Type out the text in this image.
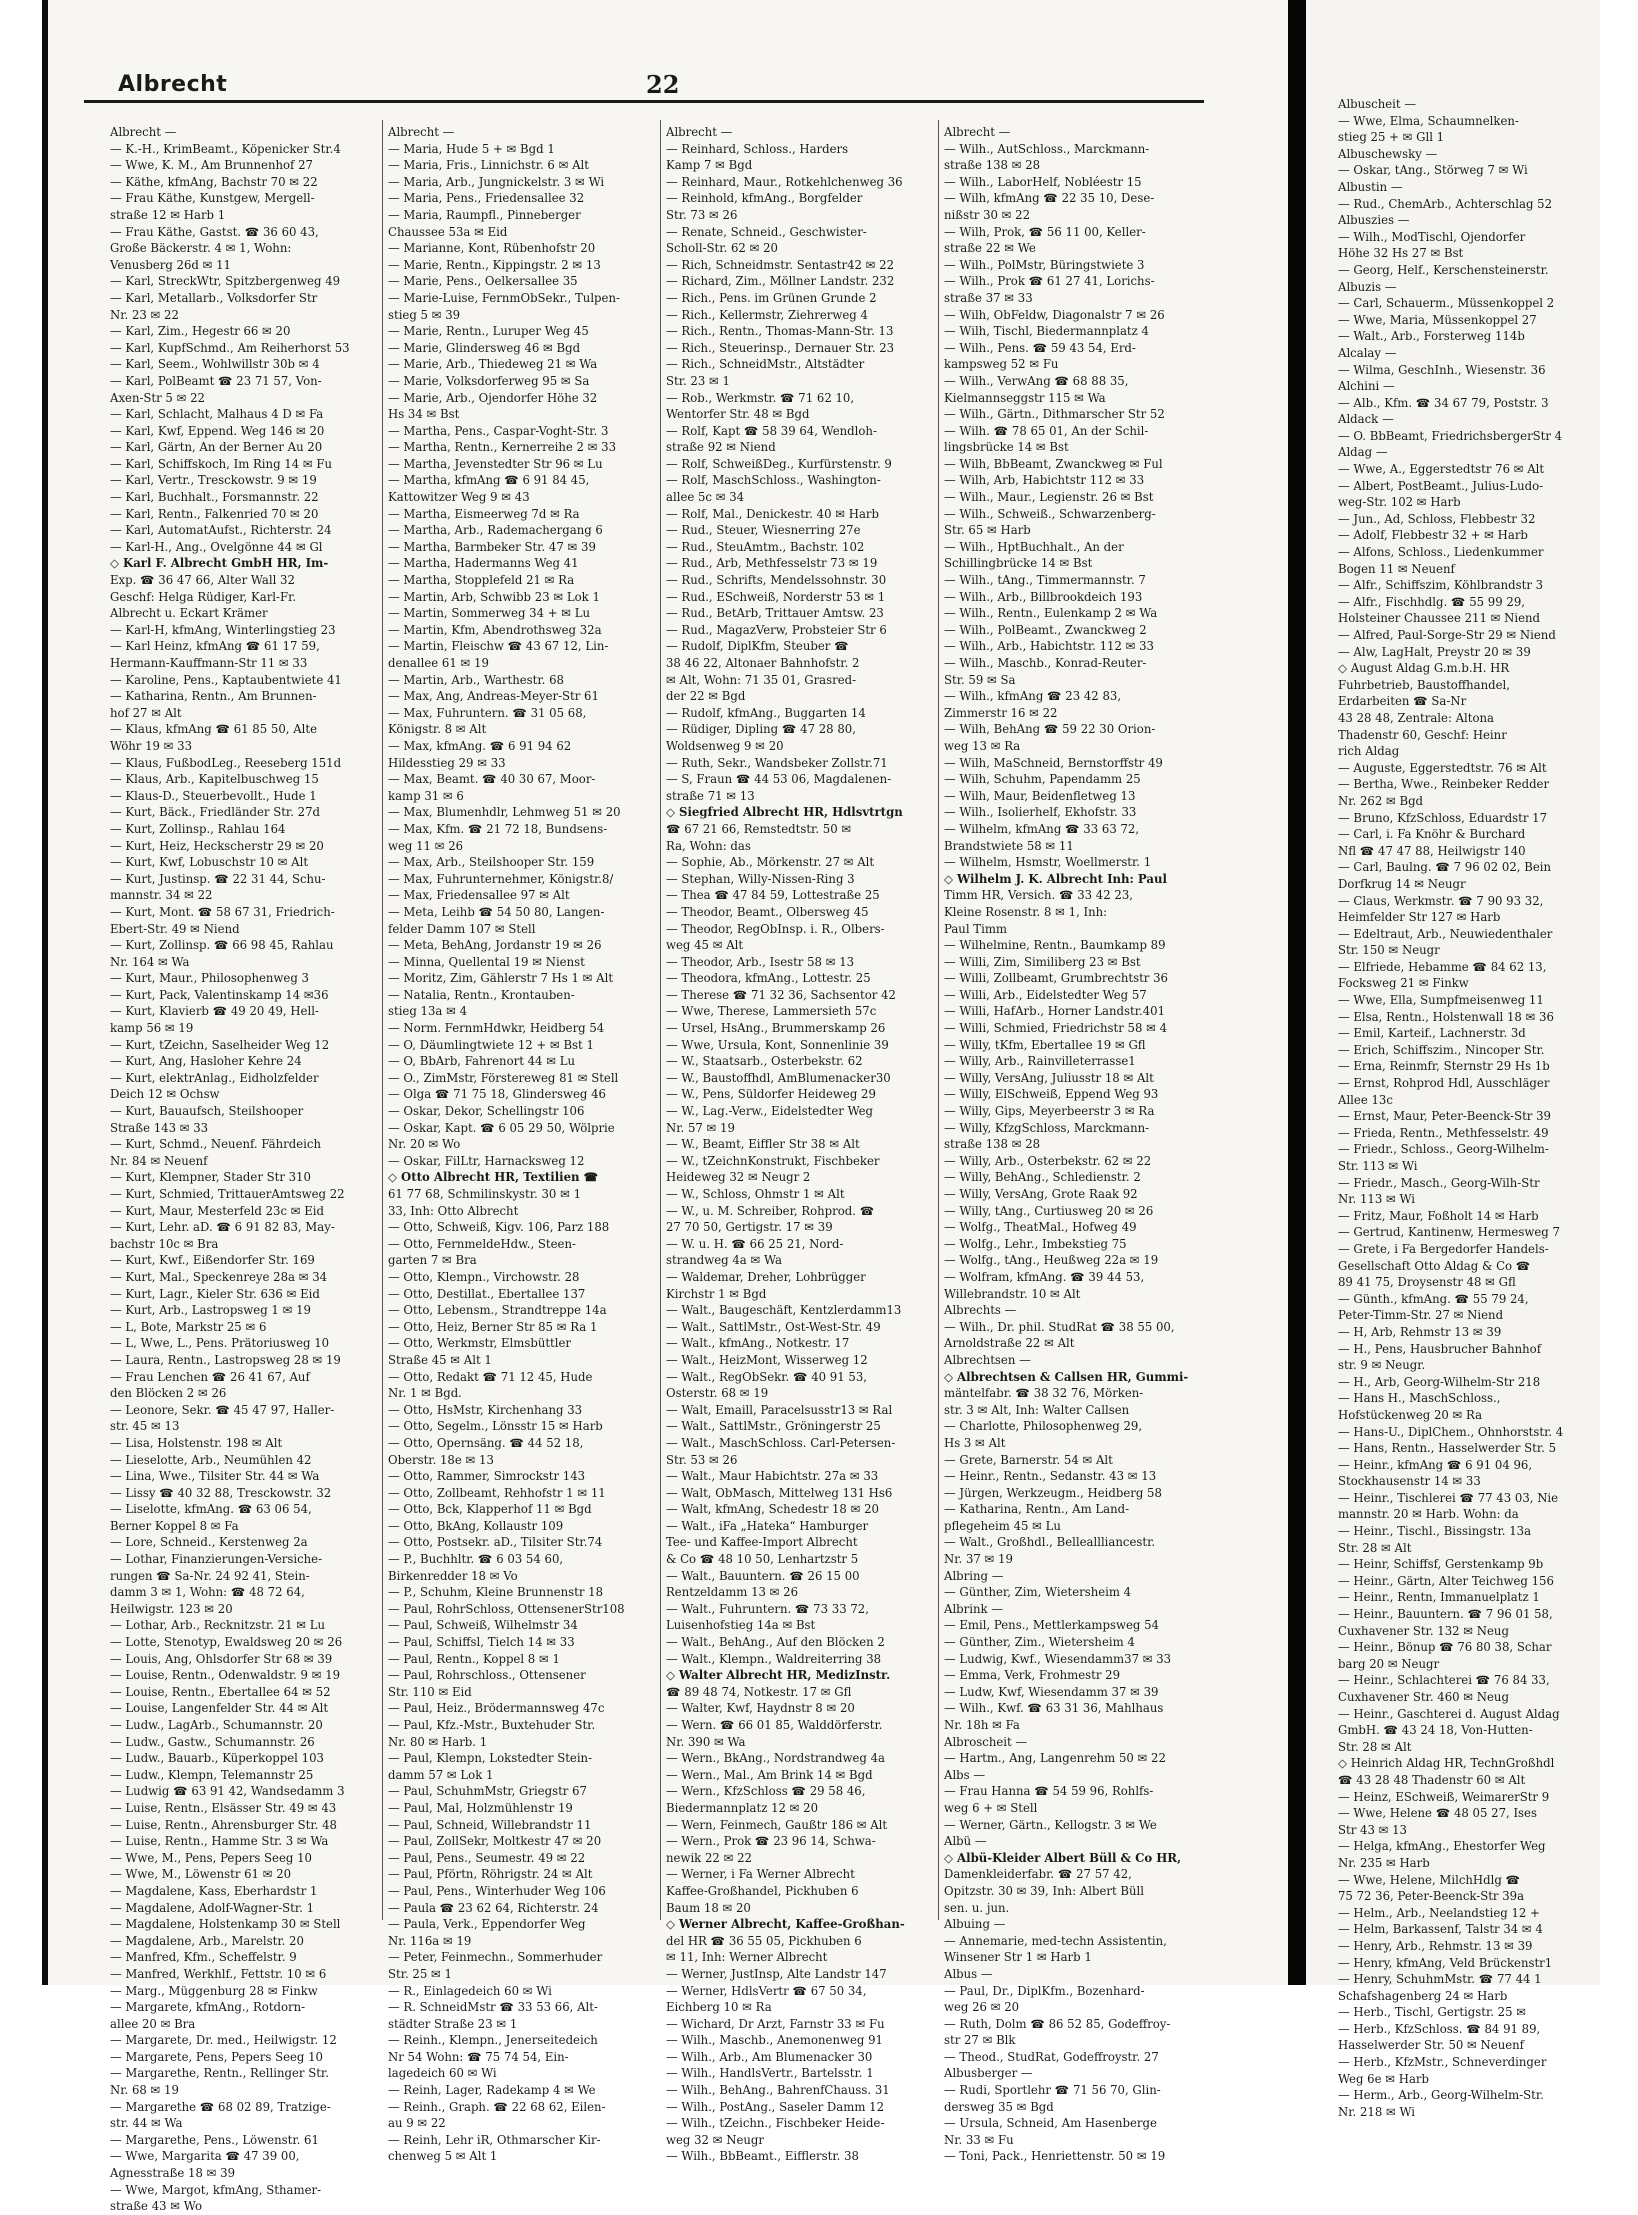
Albuscheit —
— Wwe, Elma, Schaumnelken-
stieg 25 + ✉ Gll 1
Albuschewsky —
— Oskar, tAng., Störweg 7 ✉ Wi
Albustin —
— Rud., ChemArb., Achterschlag 52
Albuszies —
— Wilh., ModTischl, Ojendorfer
Höhe 32 Hs 27 ✉ Bst
— Georg, Helf., Kerschensteinerstr.
Albuzis —
— Carl, Schauerm., Müssenkoppel 2
— Wwe, Maria, Müssenkoppel 27
— Walt., Arb., Forsterweg 114b
Alcalay —
— Wilma, GeschInh., Wiesenstr. 36
Alchini —
— Alb., Kfm. ☎ 34 67 79, Poststr. 3
Aldack —
— O. BbBeamt, FriedrichsbergerStr 4
Aldag —
— Wwe, A., Eggerstedtstr 76 ✉ Alt
— Albert, PostBeamt., Julius-Ludo-
weg-Str. 102 ✉ Harb
— Jun., Ad, Schloss, Flebbestr 32
— Adolf, Flebbestr 32 + ✉ Harb
— Alfons, Schloss., Liedenkummer
Bogen 11 ✉ Neuenf
— Alfr., Schiffszim, Köhlbrandstr 3
— Alfr., Fischhdlg. ☎ 55 99 29,
Holsteiner Chaussee 211 ✉ Niend
— Alfred, Paul-Sorge-Str 29 ✉ Niend
— Alw, LagHalt, Preystr 20 ✉ 39
◇ August Aldag G.m.b.H. HR
Fuhrbetrieb, Baustoffhandel,
Erdarbeiten ☎ Sa-Nr
43 28 48, Zentrale: Altona
Thadenstr 60, Geschf: Heinr
rich Aldag
— Auguste, Eggerstedtstr. 76 ✉ Alt
— Bertha, Wwe., Reinbeker Redder
Nr. 262 ✉ Bgd
— Bruno, KfzSchloss, Eduardstr 17
— Carl, i. Fa Knöhr & Burchard
Nfl ☎ 47 47 88, Heilwigstr 140
— Carl, Baulng. ☎ 7 96 02 02, Bein
Dorfkrug 14 ✉ Neugr
— Claus, Werkmstr. ☎ 7 90 93 32,
Heimfelder Str 127 ✉ Harb
— Edeltraut, Arb., Neuwiedenthaler
Str. 150 ✉ Neugr
— Elfriede, Hebamme ☎ 84 62 13,
Focksweg 21 ✉ Finkw
— Wwe, Ella, Sumpfmeisenweg 11
— Elsa, Rentn., Holstenwall 18 ✉ 36
— Emil, Karteif., Lachnerstr. 3d
— Erich, Schiffszim., Nincoper Str.
— Erna, Reinmfr, Sternstr 29 Hs 1b
— Ernst, Rohprod Hdl, Ausschläger
Allee 13c
— Ernst, Maur, Peter-Beenck-Str 39
— Frieda, Rentn., Methfesselstr. 49
— Friedr., Schloss., Georg-Wilhelm-
Str. 113 ✉ Wi
— Friedr., Masch., Georg-Wilh-Str
Nr. 113 ✉ Wi
— Fritz, Maur, Foßholt 14 ✉ Harb
— Gertrud, Kantinenw, Hermesweg 7
— Grete, i Fa Bergedorfer Handels-
Gesellschaft Otto Aldag & Co ☎
89 41 75, Droysenstr 48 ✉ Gfl
— Günth., kfmAng. ☎ 55 79 24,
Peter-Timm-Str. 27 ✉ Niend
— H, Arb, Rehmstr 13 ✉ 39
— H., Pens, Hausbrucher Bahnhof
str. 9 ✉ Neugr.
— H., Arb, Georg-Wilhelm-Str 218
— Hans H., MaschSchloss.,
Hofstückenweg 20 ✉ Ra
— Hans-U., DiplChem., Ohnhorststr. 4
— Hans, Rentn., Hasselwerder Str. 5
— Heinr., kfmAng ☎ 6 91 04 96,
Stockhausenstr 14 ✉ 33
— Heinr., Tischlerei ☎ 77 43 03, Nie
mannstr. 20 ✉ Harb. Wohn: da
— Heinr., Tischl., Bissingstr. 13a
Str. 28 ✉ Alt
— Heinr, Schiffsf, Gerstenkamp 9b
— Heinr., Gärtn, Alter Teichweg 156
— Heinr., Rentn, Immanuelplatz 1
— Heinr., Bauuntern. ☎ 7 96 01 58,
Cuxhavener Str. 132 ✉ Neug
— Heinr., Bönup ☎ 76 80 38, Schar
barg 20 ✉ Neugr
— Heinr., Schlachterei ☎ 76 84 33,
Cuxhavener Str. 460 ✉ Neug
— Heinr., Gaschterei d. August Aldag
GmbH. ☎ 43 24 18, Von-Hutten-
Str. 28 ✉ Alt
◇ Heinrich Aldag HR, TechnGroßhdl
☎ 43 28 48 Thadenstr 60 ✉ Alt
— Heinz, ESchweiß, WeimarerStr 9
— Wwe, Helene ☎ 48 05 27, Ises
Str 43 ✉ 13
— Helga, kfmAng., Ehestorfer Weg
Nr. 235 ✉ Harb
— Wwe, Helene, MilchHdlg ☎
75 72 36, Peter-Beenck-Str 39a
— Helm., Arb., Neelandstieg 12 +
— Helm, Barkassenf, Talstr 34 ✉ 4
— Henry, Arb., Rehmstr. 13 ✉ 39
— Henry, kfmAng, Veld Brückenstr1
— Henry, SchuhmMstr. ☎ 77 44 1
Schafshagenberg 24 ✉ Harb
— Herb., Tischl, Gertigstr. 25 ✉
— Herb., KfzSchloss. ☎ 84 91 89,
Hasselwerder Str. 50 ✉ Neuenf
— Herb., KfzMstr., Schneverdinger
Weg 6e ✉ Harb
— Herm., Arb., Georg-Wilhelm-Str.
Nr. 218 ✉ Wi
Albrecht	22
Albrecht —
— K.-H., KrimBeamt., Köpenicker Str.4
— Wwe, K. M., Am Brunnenhof 27
— Käthe, kfmAng, Bachstr 70 ✉ 22
— Frau Käthe, Kunstgew, Mergell-
straße 12 ✉ Harb 1
— Frau Käthe, Gastst. ☎ 36 60 43,
Große Bäckerstr. 4 ✉ 1, Wohn:
Venusberg 26d ✉ 11
— Karl, StreckWtr, Spitzbergenweg 49
— Karl, Metallarb., Volksdorfer Str
Nr. 23 ✉ 22
— Karl, Zim., Hegestr 66 ✉ 20
— Karl, KupfSchmd., Am Reiherhorst 53
— Karl, Seem., Wohlwillstr 30b ✉ 4
— Karl, PolBeamt ☎ 23 71 57, Von-
Axen-Str 5 ✉ 22
— Karl, Schlacht, Malhaus 4 D ✉ Fa
— Karl, Kwf, Eppend. Weg 146 ✉ 20
— Karl, Gärtn, An der Berner Au 20
— Karl, Schiffskoch, Im Ring 14 ✉ Fu
— Karl, Vertr., Tresckowstr. 9 ✉ 19
— Karl, Buchhalt., Forsmannstr. 22
— Karl, Rentn., Falkenried 70 ✉ 20
— Karl, AutomatAufst., Richterstr. 24
— Karl-H., Ang., Ovelgönne 44 ✉ Gl
◇ Karl F. Albrecht GmbH HR, Im-
Exp. ☎ 36 47 66, Alter Wall 32
Geschf: Helga Rüdiger, Karl-Fr.
Albrecht u. Eckart Krämer
— Karl-H, kfmAng, Winterlingstieg 23
— Karl Heinz, kfmAng ☎ 61 17 59,
Hermann-Kauffmann-Str 11 ✉ 33
— Karoline, Pens., Kaptaubentwiete 41
— Katharina, Rentn., Am Brunnen-
hof 27 ✉ Alt
— Klaus, kfmAng ☎ 61 85 50, Alte
Wöhr 19 ✉ 33
— Klaus, FußbodLeg., Reeseberg 151d
— Klaus, Arb., Kapitelbuschweg 15
— Klaus-D., Steuerbevollt., Hude 1
— Kurt, Bäck., Friedländer Str. 27d
— Kurt, Zollinsp., Rahlau 164
— Kurt, Heiz, Heckscherstr 29 ✉ 20
— Kurt, Kwf, Lobuschstr 10 ✉ Alt
— Kurt, Justinsp. ☎ 22 31 44, Schu-
mannstr. 34 ✉ 22
— Kurt, Mont. ☎ 58 67 31, Friedrich-
Ebert-Str. 49 ✉ Niend
— Kurt, Zollinsp. ☎ 66 98 45, Rahlau
Nr. 164 ✉ Wa
— Kurt, Maur., Philosophenweg 3
— Kurt, Pack, Valentinskamp 14 ✉36
— Kurt, Klavierb ☎ 49 20 49, Hell-
kamp 56 ✉ 19
— Kurt, tZeichn, Saselheider Weg 12
— Kurt, Ang, Hasloher Kehre 24
— Kurt, elektrAnlag., Eidholzfelder
Deich 12 ✉ Ochsw
— Kurt, Bauaufsch, Steilshooper
Straße 143 ✉ 33
— Kurt, Schmd., Neuenf. Fährdeich
Nr. 84 ✉ Neuenf
— Kurt, Klempner, Stader Str 310
— Kurt, Schmied, TrittauerAmtsweg 22
— Kurt, Maur, Mesterfeld 23c ✉ Eid
— Kurt, Lehr. aD. ☎ 6 91 82 83, May-
bachstr 10c ✉ Bra
— Kurt, Kwf., Eißendorfer Str. 169
— Kurt, Mal., Speckenreye 28a ✉ 34
— Kurt, Lagr., Kieler Str. 636 ✉ Eid
— Kurt, Arb., Lastropsweg 1 ✉ 19
— L, Bote, Markstr 25 ✉ 6
— L, Wwe, L., Pens. Prätoriusweg 10
— Laura, Rentn., Lastropsweg 28 ✉ 19
— Frau Lenchen ☎ 26 41 67, Auf
den Blöcken 2 ✉ 26
— Leonore, Sekr. ☎ 45 47 97, Haller-
str. 45 ✉ 13
— Lisa, Holstenstr. 198 ✉ Alt
— Lieselotte, Arb., Neumühlen 42
— Lina, Wwe., Tilsiter Str. 44 ✉ Wa
— Lissy ☎ 40 32 88, Tresckowstr. 32
— Liselotte, kfmAng. ☎ 63 06 54,
Berner Koppel 8 ✉ Fa
— Lore, Schneid., Kerstenweg 2a
— Lothar, Finanzierungen-Versiche-
rungen ☎ Sa-Nr. 24 92 41, Stein-
damm 3 ✉ 1, Wohn: ☎ 48 72 64,
Heilwigstr. 123 ✉ 20
— Lothar, Arb., Recknitzstr. 21 ✉ Lu
— Lotte, Stenotyp, Ewaldsweg 20 ✉ 26
— Louis, Ang, Ohlsdorfer Str 68 ✉ 39
— Louise, Rentn., Odenwaldstr. 9 ✉ 19
— Louise, Rentn., Ebertallee 64 ✉ 52
— Louise, Langenfelder Str. 44 ✉ Alt
— Ludw., LagArb., Schumannstr. 20
— Ludw., Gastw., Schumannstr. 26
— Ludw., Bauarb., Küperkoppel 103
— Ludw., Klempn, Telemannstr 25
— Ludwig ☎ 63 91 42, Wandsedamm 3
— Luise, Rentn., Elsässer Str. 49 ✉ 43
— Luise, Rentn., Ahrensburger Str. 48
— Luise, Rentn., Hamme Str. 3 ✉ Wa
— Wwe, M., Pens, Pepers Seeg 10
— Wwe, M., Löwenstr 61 ✉ 20
— Magdalene, Kass, Eberhardstr 1
— Magdalene, Adolf-Wagner-Str. 1
— Magdalene, Holstenkamp 30 ✉ Stell
— Magdalene, Arb., Marelstr. 20
— Manfred, Kfm., Scheffelstr. 9
— Manfred, Werkhlf., Fettstr. 10 ✉ 6
— Marg., Müggenburg 28 ✉ Finkw
— Margarete, kfmAng., Rotdorn-
allee 20 ✉ Bra
— Margarete, Dr. med., Heilwigstr. 12
— Margarete, Pens, Pepers Seeg 10
— Margarethe, Rentn., Rellinger Str.
Nr. 68 ✉ 19
— Margarethe ☎ 68 02 89, Tratzige-
str. 44 ✉ Wa
— Margarethe, Pens., Löwenstr. 61
— Wwe, Margarita ☎ 47 39 00,
Agnesstraße 18 ✉ 39
— Wwe, Margot, kfmAng, Sthamer-
straße 43 ✉ Wo
Albrecht —
— Maria, Hude 5 + ✉ Bgd 1
— Maria, Fris., Linnichstr. 6 ✉ Alt
— Maria, Arb., Jungnickelstr. 3 ✉ Wi
— Maria, Pens., Friedensallee 32
— Maria, Raumpfl., Pinneberger
Chaussee 53a ✉ Eid
— Marianne, Kont, Rübenhofstr 20
— Marie, Rentn., Kippingstr. 2 ✉ 13
— Marie, Pens., Oelkersallee 35
— Marie-Luise, FernmObSekr., Tulpen-
stieg 5 ✉ 39
— Marie, Rentn., Luruper Weg 45
— Marie, Glindersweg 46 ✉ Bgd
— Marie, Arb., Thiedeweg 21 ✉ Wa
— Marie, Volksdorferweg 95 ✉ Sa
— Marie, Arb., Ojendorfer Höhe 32
Hs 34 ✉ Bst
— Martha, Pens., Caspar-Voght-Str. 3
— Martha, Rentn., Kernerreihe 2 ✉ 33
— Martha, Jevenstedter Str 96 ✉ Lu
— Martha, kfmAng ☎ 6 91 84 45,
Kattowitzer Weg 9 ✉ 43
— Martha, Eismeerweg 7d ✉ Ra
— Martha, Arb., Rademachergang 6
— Martha, Barmbeker Str. 47 ✉ 39
— Martha, Hadermanns Weg 41
— Martha, Stopplefeld 21 ✉ Ra
— Martin, Arb, Schwibb 23 ✉ Lok 1
— Martin, Sommerweg 34 + ✉ Lu
— Martin, Kfm, Abendrothsweg 32a
— Martin, Fleischw ☎ 43 67 12, Lin-
denallee 61 ✉ 19
— Martin, Arb., Warthestr. 68
— Max, Ang, Andreas-Meyer-Str 61
— Max, Fuhruntern. ☎ 31 05 68,
Königstr. 8 ✉ Alt
— Max, kfmAng. ☎ 6 91 94 62
Hildesstieg 29 ✉ 33
— Max, Beamt. ☎ 40 30 67, Moor-
kamp 31 ✉ 6
— Max, Blumenhdlr, Lehmweg 51 ✉ 20
— Max, Kfm. ☎ 21 72 18, Bundsens-
weg 11 ✉ 26
— Max, Arb., Steilshooper Str. 159
— Max, Fuhrunternehmer, Königstr.8/
— Max, Friedensallee 97 ✉ Alt
— Meta, Leihb ☎ 54 50 80, Langen-
felder Damm 107 ✉ Stell
— Meta, BehAng, Jordanstr 19 ✉ 26
— Minna, Quellental 19 ✉ Nienst
— Moritz, Zim, Gählerstr 7 Hs 1 ✉ Alt
— Natalia, Rentn., Krontauben-
stieg 13a ✉ 4
— Norm. FernmHdwkr, Heidberg 54
— O, Däumlingtwiete 12 + ✉ Bst 1
— O, BbArb, Fahrenort 44 ✉ Lu
— O., ZimMstr, Förstereweg 81 ✉ Stell
— Olga ☎ 71 75 18, Glindersweg 46
— Oskar, Dekor, Schellingstr 106
— Oskar, Kapt. ☎ 6 05 29 50, Wölprie
Nr. 20 ✉ Wo
— Oskar, FilLtr, Harnacksweg 12
◇ Otto Albrecht HR, Textilien ☎
61 77 68, Schmilinskystr. 30 ✉ 1
33, Inh: Otto Albrecht
— Otto, Schweiß, Kigv. 106, Parz 188
— Otto, FernmeldeHdw., Steen-
garten 7 ✉ Bra
— Otto, Klempn., Virchowstr. 28
— Otto, Destillat., Ebertallee 137
— Otto, Lebensm., Strandtreppe 14a
— Otto, Heiz, Berner Str 85 ✉ Ra 1
— Otto, Werkmstr, Elmsbüttler
Straße 45 ✉ Alt 1
— Otto, Redakt ☎ 71 12 45, Hude
Nr. 1 ✉ Bgd.
— Otto, HsMstr, Kirchenhang 33
— Otto, Segelm., Lönsstr 15 ✉ Harb
— Otto, Opernsäng. ☎ 44 52 18,
Oberstr. 18e ✉ 13
— Otto, Rammer, Simrockstr 143
— Otto, Zollbeamt, Rehhofstr 1 ✉ 11
— Otto, Bck, Klapperhof 11 ✉ Bgd
— Otto, BkAng, Kollaustr 109
— Otto, Postsekr. aD., Tilsiter Str.74
— P., Buchhltr. ☎ 6 03 54 60,
Birkenredder 18 ✉ Vo
— P., Schuhm, Kleine Brunnenstr 18
— Paul, RohrSchloss, OttensenerStr108
— Paul, Schweiß, Wilhelmstr 34
— Paul, Schiffsl, Tielch 14 ✉ 33
— Paul, Rentn., Koppel 8 ✉ 1
— Paul, Rohrschloss., Ottensener
Str. 110 ✉ Eid
— Paul, Heiz., Brödermannsweg 47c
— Paul, Kfz.-Mstr., Buxtehuder Str.
Nr. 80 ✉ Harb. 1
— Paul, Klempn, Lokstedter Stein-
damm 57 ✉ Lok 1
— Paul, SchuhmMstr, Griegstr 67
— Paul, Mal, Holzmühlenstr 19
— Paul, Schneid, Willebrandstr 11
— Paul, ZollSekr, Moltkestr 47 ✉ 20
— Paul, Pens., Seumestr. 49 ✉ 22
— Paul, Pförtn, Röhrigstr. 24 ✉ Alt
— Paul, Pens., Winterhuder Weg 106
— Paula ☎ 23 62 64, Richterstr. 24
— Paula, Verk., Eppendorfer Weg
Nr. 116a ✉ 19
— Peter, Feinmechn., Sommerhuder
Str. 25 ✉ 1
— R., Einlagedeich 60 ✉ Wi
— R. SchneidMstr ☎ 33 53 66, Alt-
städter Straße 23 ✉ 1
— Reinh., Klempn., Jenerseitedeich
Nr 54 Wohn: ☎ 75 74 54, Ein-
lagedeich 60 ✉ Wi
— Reinh, Lager, Radekamp 4 ✉ We
— Reinh., Graph. ☎ 22 68 62, Eilen-
au 9 ✉ 22
— Reinh, Lehr iR, Othmarscher Kir-
chenweg 5 ✉ Alt 1
Albrecht —
— Reinhard, Schloss., Harders
Kamp 7 ✉ Bgd
— Reinhard, Maur., Rotkehlchenweg 36
— Reinhold, kfmAng., Borgfelder
Str. 73 ✉ 26
— Renate, Schneid., Geschwister-
Scholl-Str. 62 ✉ 20
— Rich, Schneidmstr. Sentastr42 ✉ 22
— Richard, Zim., Möllner Landstr. 232
— Rich., Pens. im Grünen Grunde 2
— Rich., Kellermstr, Ziehrerweg 4
— Rich., Rentn., Thomas-Mann-Str. 13
— Rich., Steuerinsp., Dernauer Str. 23
— Rich., SchneidMstr., Altstädter
Str. 23 ✉ 1
— Rob., Werkmstr. ☎ 71 62 10,
Wentorfer Str. 48 ✉ Bgd
— Rolf, Kapt ☎ 58 39 64, Wendloh-
straße 92 ✉ Niend
— Rolf, SchweißDeg., Kurfürstenstr. 9
— Rolf, MaschSchloss., Washington-
allee 5c ✉ 34
— Rolf, Mal., Denickestr. 40 ✉ Harb
— Rud., Steuer, Wiesnerring 27e
— Rud., SteuAmtm., Bachstr. 102
— Rud., Arb, Methfesselstr 73 ✉ 19
— Rud., Schrifts, Mendelssohnstr. 30
— Rud., ESchweiß, Norderstr 53 ✉ 1
— Rud., BetArb, Trittauer Amtsw. 23
— Rud., MagazVerw, Probsteier Str 6
— Rudolf, DiplKfm, Steuber ☎
38 46 22, Altonaer Bahnhofstr. 2
✉ Alt, Wohn: 71 35 01, Grasred-
der 22 ✉ Bgd
— Rudolf, kfmAng., Buggarten 14
— Rüdiger, Dipling ☎ 47 28 80,
Woldsenweg 9 ✉ 20
— Ruth, Sekr., Wandsbeker Zollstr.71
— S, Fraun ☎ 44 53 06, Magdalenen-
straße 71 ✉ 13
◇ Siegfried Albrecht HR, Hdlsvtrtgn
☎ 67 21 66, Remstedtstr. 50 ✉
Ra, Wohn: das
— Sophie, Ab., Mörkenstr. 27 ✉ Alt
— Stephan, Willy-Nissen-Ring 3
— Thea ☎ 47 84 59, Lottestraße 25
— Theodor, Beamt., Olbersweg 45
— Theodor, RegObInsp. i. R., Olbers-
weg 45 ✉ Alt
— Theodor, Arb., Isestr 58 ✉ 13
— Theodora, kfmAng., Lottestr. 25
— Therese ☎ 71 32 36, Sachsentor 42
— Wwe, Therese, Lammersieth 57c
— Ursel, HsAng., Brummerskamp 26
— Wwe, Ursula, Kont, Sonnenlinie 39
— W., Staatsarb., Osterbekstr. 62
— W., Baustoffhdl, AmBlumenacker30
— W., Pens, Süldorfer Heideweg 29
— W., Lag.-Verw., Eidelstedter Weg
Nr. 57 ✉ 19
— W., Beamt, Eiffler Str 38 ✉ Alt
— W., tZeichnKonstrukt, Fischbeker
Heideweg 32 ✉ Neugr 2
— W., Schloss, Ohmstr 1 ✉ Alt
— W., u. M. Schreiber, Rohprod. ☎
27 70 50, Gertigstr. 17 ✉ 39
— W. u. H. ☎ 66 25 21, Nord-
strandweg 4a ✉ Wa
— Waldemar, Dreher, Lohbrügger
Kirchstr 1 ✉ Bgd
— Walt., Baugeschäft, Kentzlerdamm13
— Walt., SattlMstr., Ost-West-Str. 49
— Walt., kfmAng., Notkestr. 17
— Walt., HeizMont, Wisserweg 12
— Walt., RegObSekr. ☎ 40 91 53,
Osterstr. 68 ✉ 19
— Walt, Emaill, Paracelsusstr13 ✉ Ral
— Walt., SattlMstr., Gröningerstr 25
— Walt., MaschSchloss. Carl-Petersen-
Str. 53 ✉ 26
— Walt., Maur Habichtstr. 27a ✉ 33
— Walt, ObMasch, Mittelweg 131 Hs6
— Walt, kfmAng, Schedestr 18 ✉ 20
— Walt., iFa „Hateka“ Hamburger
Tee- und Kaffee-Import Albrecht
& Co ☎ 48 10 50, Lenhartzstr 5
— Walt., Bauuntern. ☎ 26 15 00
Rentzeldamm 13 ✉ 26
— Walt., Fuhruntern. ☎ 73 33 72,
Luisenhofstieg 14a ✉ Bst
— Walt., BehAng., Auf den Blöcken 2
— Walt., Klempn., Waldreiterring 38
◇ Walter Albrecht HR, MedizInstr.
☎ 89 48 74, Notkestr. 17 ✉ Gfl
— Walter, Kwf, Haydnstr 8 ✉ 20
— Wern. ☎ 66 01 85, Walddörferstr.
Nr. 390 ✉ Wa
— Wern., BkAng., Nordstrandweg 4a
— Wern., Mal., Am Brink 14 ✉ Bgd
— Wern., KfzSchloss ☎ 29 58 46,
Biedermannplatz 12 ✉ 20
— Wern, Feinmech, Gaußtr 186 ✉ Alt
— Wern., Prok ☎ 23 96 14, Schwa-
newik 22 ✉ 22
— Werner, i Fa Werner Albrecht
Kaffee-Großhandel, Pickhuben 6
Baum 18 ✉ 20
◇ Werner Albrecht, Kaffee-Großhan-
del HR ☎ 36 55 05, Pickhuben 6
✉ 11, Inh: Werner Albrecht
— Werner, JustInsp, Alte Landstr 147
— Werner, HdlsVertr ☎ 67 50 34,
Eichberg 10 ✉ Ra
— Wichard, Dr Arzt, Farnstr 33 ✉ Fu
— Wilh., Maschb., Anemonenweg 91
— Wilh., Arb., Am Blumenacker 30
— Wilh., HandlsVertr., Bartelsstr. 1
— Wilh., BehAng., BahrenfChauss. 31
— Wilh., PostAng., Saseler Damm 12
— Wilh., tZeichn., Fischbeker Heide-
weg 32 ✉ Neugr
— Wilh., BbBeamt., Eifflerstr. 38
Albrecht —
— Wilh., AutSchloss., Marckmann-
straße 138 ✉ 28
— Wilh., LaborHelf, Nobléestr 15
— Wilh, kfmAng ☎ 22 35 10, Dese-
nißstr 30 ✉ 22
— Wilh, Prok, ☎ 56 11 00, Keller-
straße 22 ✉ We
— Wilh., PolMstr, Büringstwiete 3
— Wilh., Prok ☎ 61 27 41, Lorichs-
straße 37 ✉ 33
— Wilh, ObFeldw, Diagonalstr 7 ✉ 26
— Wilh, Tischl, Biedermannplatz 4
— Wilh., Pens. ☎ 59 43 54, Erd-
kampsweg 52 ✉ Fu
— Wilh., VerwAng ☎ 68 88 35,
Kielmannseggstr 115 ✉ Wa
— Wilh., Gärtn., Dithmarscher Str 52
— Wilh. ☎ 78 65 01, An der Schil-
lingsbrücke 14 ✉ Bst
— Wilh, BbBeamt, Zwanckweg ✉ Ful
— Wilh, Arb, Habichtstr 112 ✉ 33
— Wilh., Maur., Legienstr. 26 ✉ Bst
— Wilh., Schweiß., Schwarzenberg-
Str. 65 ✉ Harb
— Wilh., HptBuchhalt., An der
Schillingbrücke 14 ✉ Bst
— Wilh., tAng., Timmermannstr. 7
— Wilh., Arb., Billbrookdeich 193
— Wilh., Rentn., Eulenkamp 2 ✉ Wa
— Wilh., PolBeamt., Zwanckweg 2
— Wilh., Arb., Habichtstr. 112 ✉ 33
— Wilh., Maschb., Konrad-Reuter-
Str. 59 ✉ Sa
— Wilh., kfmAng ☎ 23 42 83,
Zimmerstr 16 ✉ 22
— Wilh, BehAng ☎ 59 22 30 Orion-
weg 13 ✉ Ra
— Wilh, MaSchneid, Bernstorffstr 49
— Wilh, Schuhm, Papendamm 25
— Wilh, Maur, Beidenfletweg 13
— Wilh., Isolierhelf, Ekhofstr. 33
— Wilhelm, kfmAng ☎ 33 63 72,
Brandstwiete 58 ✉ 11
— Wilhelm, Hsmstr, Woellmerstr. 1
◇ Wilhelm J. K. Albrecht Inh: Paul
Timm HR, Versich. ☎ 33 42 23,
Kleine Rosenstr. 8 ✉ 1, Inh:
Paul Timm
— Wilhelmine, Rentn., Baumkamp 89
— Willi, Zim, Similiberg 23 ✉ Bst
— Willi, Zollbeamt, Grumbrechtstr 36
— Willi, Arb., Eidelstedter Weg 57
— Willi, HafArb., Horner Landstr.401
— Willi, Schmied, Friedrichstr 58 ✉ 4
— Willy, tKfm, Ebertallee 19 ✉ Gfl
— Willy, Arb., Rainvilleterrasse1
— Willy, VersAng, Juliusstr 18 ✉ Alt
— Willy, ElSchweiß, Eppend Weg 93
— Willy, Gips, Meyerbeerstr 3 ✉ Ra
— Willy, KfzgSchloss, Marckmann-
straße 138 ✉ 28
— Willy, Arb., Osterbekstr. 62 ✉ 22
— Willy, BehAng., Schledienstr. 2
— Willy, VersAng, Grote Raak 92
— Willy, tAng., Curtiusweg 20 ✉ 26
— Wolfg., TheatMal., Hofweg 49
— Wolfg., Lehr., Imbekstieg 75
— Wolfg., tAng., Heußweg 22a ✉ 19
— Wolfram, kfmAng. ☎ 39 44 53,
Willebrandstr. 10 ✉ Alt
Albrechts —
— Wilh., Dr. phil. StudRat ☎ 38 55 00,
Arnoldstraße 22 ✉ Alt
Albrechtsen —
◇ Albrechtsen & Callsen HR, Gummi-
mäntelfabr. ☎ 38 32 76, Mörken-
str. 3 ✉ Alt, Inh: Walter Callsen
— Charlotte, Philosophenweg 29,
Hs 3 ✉ Alt
— Grete, Barnerstr. 54 ✉ Alt
— Heinr., Rentn., Sedanstr. 43 ✉ 13
— Jürgen, Werkzeugm., Heidberg 58
— Katharina, Rentn., Am Land-
pflegeheim 45 ✉ Lu
— Walt., Großhdl., Belleallliancestr.
Nr. 37 ✉ 19
Albring —
— Günther, Zim, Wietersheim 4
Albrink —
— Emil, Pens., Mettlerkampsweg 54
— Günther, Zim., Wietersheim 4
— Ludwig, Kwf., Wiesendamm37 ✉ 33
— Emma, Verk, Frohmestr 29
— Ludw, Kwf, Wiesendamm 37 ✉ 39
— Wilh., Kwf. ☎ 63 31 36, Mahlhaus
Nr. 18h ✉ Fa
Albroscheit —
— Hartm., Ang, Langenrehm 50 ✉ 22
Albs —
— Frau Hanna ☎ 54 59 96, Rohlfs-
weg 6 + ✉ Stell
— Werner, Gärtn., Kellogstr. 3 ✉ We
Albü —
◇ Albü-Kleider Albert Büll & Co HR,
Damenkleiderfabr. ☎ 27 57 42,
Opitzstr. 30 ✉ 39, Inh: Albert Büll
sen. u. jun.
Albuing —
— Annemarie, med-techn Assistentin,
Winsener Str 1 ✉ Harb 1
Albus —
— Paul, Dr., DiplKfm., Bozenhard-
weg 26 ✉ 20
— Ruth, Dolm ☎ 86 52 85, Godeffroy-
str 27 ✉ Blk
— Theod., StudRat, Godeffroystr. 27
Albusberger —
— Rudi, Sportlehr ☎ 71 56 70, Glin-
dersweg 35 ✉ Bgd
— Ursula, Schneid, Am Hasenberge
Nr. 33 ✉ Fu
— Toni, Pack., Henriettenstr. 50 ✉ 19
